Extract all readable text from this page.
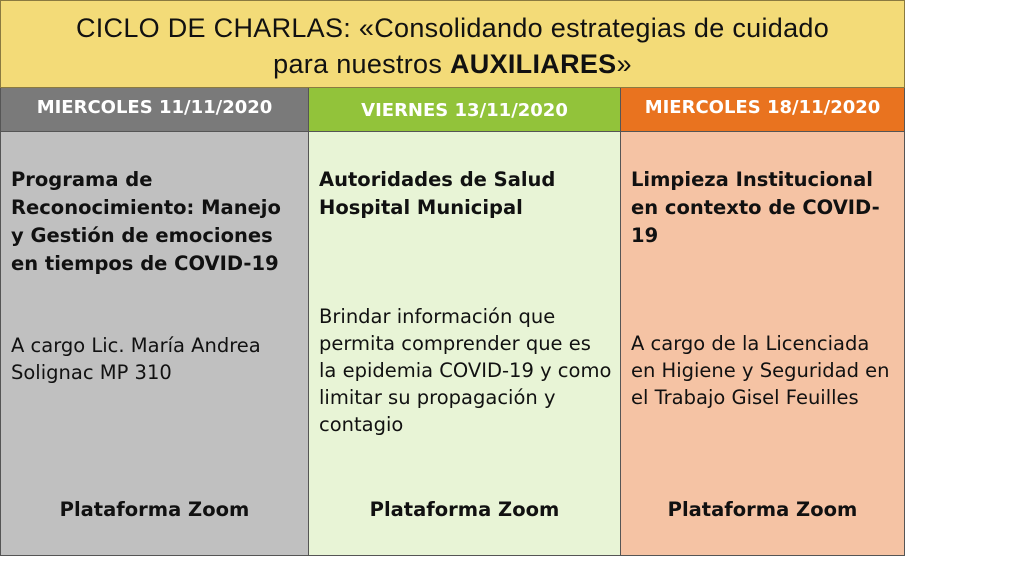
CICLO DE CHARLAS: «Consolidando estrategias de cuidado
para nuestros AUXILIARES»
MIERCOLES 11/11/2020
Programa de Reconocimiento: Manejo y Gestión de emociones en tiempos de COVID-19
A cargo Lic. María Andrea Solignac MP 310
Plataforma Zoom
VIERNES 13/11/2020
Autoridades de Salud Hospital Municipal
Brindar información que permita comprender que es la epidemia COVID-19 y como limitar su propagación y contagio
Plataforma Zoom
MIERCOLES 18/11/2020
Limpieza Institucional en contexto de COVID-19
A cargo de la Licenciada en Higiene y Seguridad en el Trabajo Gisel Feuilles
Plataforma Zoom
